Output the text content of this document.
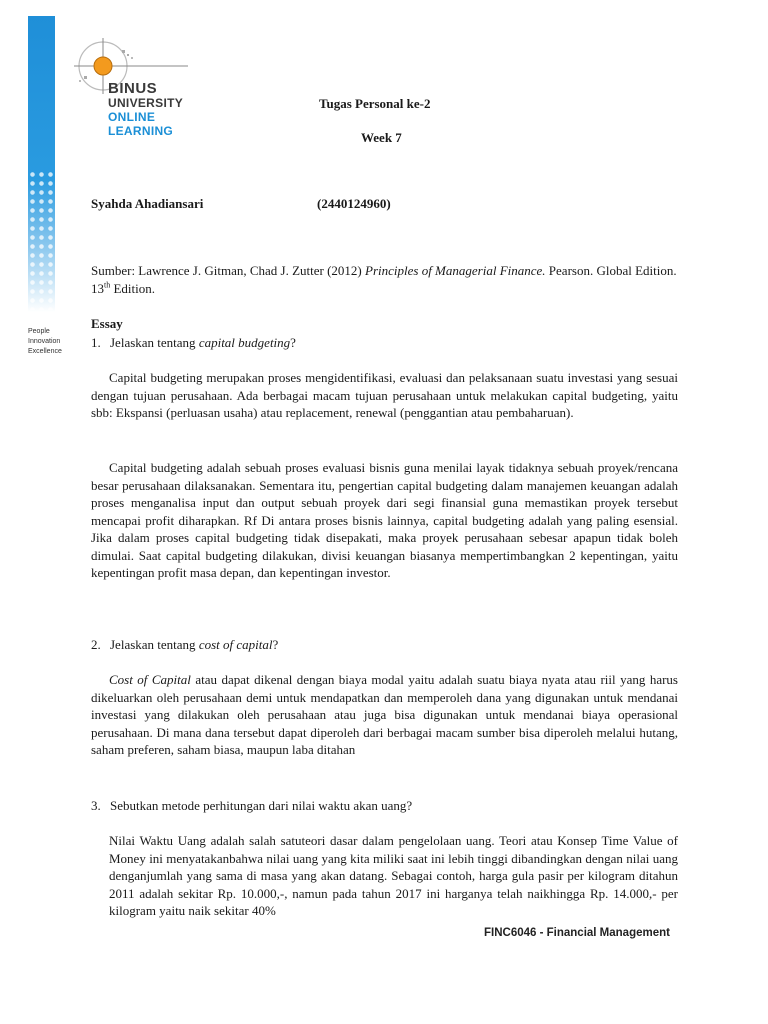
BINUS
UNIVERSITY
ONLINE
LEARNING
People
Innovation
Excellence
Tugas Personal ke-2
Week 7
Syahda Ahadiansari	(2440124960)
Sumber: Lawrence J. Gitman, Chad J. Zutter (2012) Principles of Managerial Finance. Pearson. Global Edition. 13th Edition.
Essay
1. Jelaskan tentang capital budgeting?
Capital budgeting merupakan proses mengidentifikasi, evaluasi dan pelaksanaan suatu investasi yang sesuai dengan tujuan perusahaan. Ada berbagai macam tujuan perusahaan untuk melakukan capital budgeting, yaitu sbb: Ekspansi (perluasan usaha) atau replacement, renewal (penggantian atau pembaharuan).
Capital budgeting adalah sebuah proses evaluasi bisnis guna menilai layak tidaknya sebuah proyek/rencana besar perusahaan dilaksanakan. Sementara itu, pengertian capital budgeting dalam manajemen keuangan adalah proses menganalisa input dan output sebuah proyek dari segi finansial guna memastikan proyek tersebut mencapai profit diharapkan. Rf Di antara proses bisnis lainnya, capital budgeting adalah yang paling esensial. Jika dalam proses capital budgeting tidak disepakati, maka proyek perusahaan sebesar apapun tidak boleh dimulai. Saat capital budgeting dilakukan, divisi keuangan biasanya mempertimbangkan 2 kepentingan, yaitu kepentingan profit masa depan, dan kepentingan investor.
2. Jelaskan tentang cost of capital?
Cost of Capital atau dapat dikenal dengan biaya modal yaitu adalah suatu biaya nyata atau riil yang harus dikeluarkan oleh perusahaan demi untuk mendapatkan dan memperoleh dana yang digunakan untuk mendanai investasi yang dilakukan oleh perusahaan atau juga bisa digunakan untuk mendanai biaya operasional perusahaan. Di mana dana tersebut dapat diperoleh dari berbagai macam sumber bisa diperoleh melalui hutang, saham preferen, saham biasa, maupun laba ditahan
3. Sebutkan metode perhitungan dari nilai waktu akan uang?
Nilai Waktu Uang adalah salah satuteori dasar dalam pengelolaan uang. Teori atau Konsep Time Value of Money ini menyatakanbahwa nilai uang yang kita miliki saat ini lebih tinggi dibandingkan dengan nilai uang denganjumlah yang sama di masa yang akan datang. Sebagai contoh, harga gula pasir per kilogram ditahun 2011 adalah sekitar Rp. 10.000,-, namun pada tahun 2017 ini harganya telah naikhingga Rp. 14.000,- per kilogram yaitu naik sekitar 40%
FINC6046 - Financial Management
